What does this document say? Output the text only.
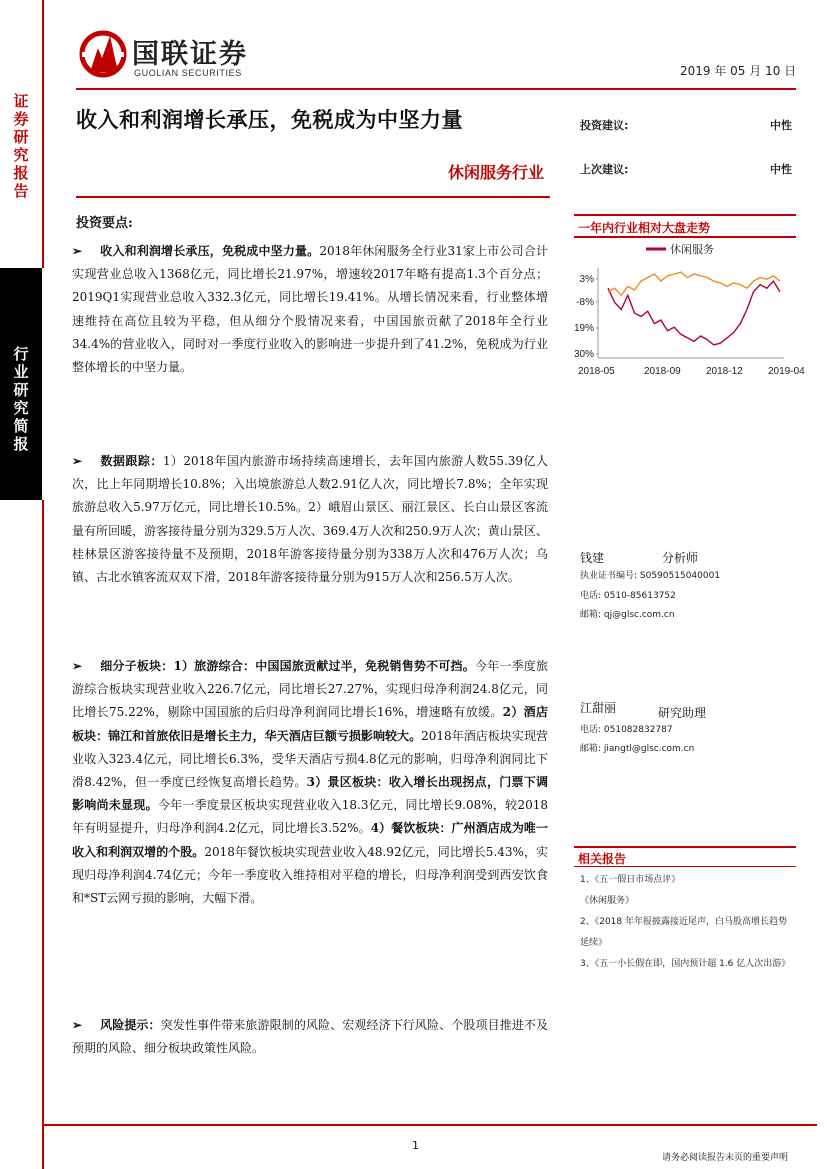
证券研究报告
行业研究简报
国联证券
GUOLIAN SECURITIES	2019 年 05 月 10 日
收入和利润增长承压，免税成为中坚力量
休闲服务行业
投资建议:	中性
上次建议:	中性
投资要点:
➢ 收入和利润增长承压，免税成中坚力量。2018年休闲服务全行业31家上市公司合计实现营业总收入1368亿元，同比增长21.97%，增速较2017年略有提高1.3个百分点；2019Q1实现营业总收入332.3亿元，同比增长19.41%。从增长情况来看，行业整体增速维持在高位且较为平稳，但从细分个股情况来看，中国国旅贡献了2018年全行业34.4%的营业收入，同时对一季度行业收入的影响进一步提升到了41.2%，免税成为行业整体增长的中坚力量。
➢ 数据跟踪：1）2018年国内旅游市场持续高速增长，去年国内旅游人数55.39亿人次，比上年同期增长10.8%；入出境旅游总人数2.91亿人次，同比增长7.8%；全年实现旅游总收入5.97万亿元，同比增长10.5%。2）峨眉山景区、丽江景区、长白山景区客流量有所回暖，游客接待量分别为329.5万人次、369.4万人次和250.9万人次；黄山景区、桂林景区游客接待量不及预期，2018年游客接待量分别为338万人次和476万人次；乌镇、古北水镇客流双双下滑，2018年游客接待量分别为915万人次和256.5万人次。
➢ 细分子板块：1）旅游综合：中国国旅贡献过半，免税销售势不可挡。今年一季度旅游综合板块实现营业收入226.7亿元，同比增长27.27%，实现归母净利润24.8亿元，同比增长75.22%，剔除中国国旅的后归母净利润同比增长16%，增速略有放缓。2）酒店板块：锦江和首旅依旧是增长主力，华天酒店巨额亏损影响较大。2018年酒店板块实现营业收入323.4亿元，同比增长6.3%，受华天酒店亏损4.8亿元的影响，归母净利润同比下滑8.42%，但一季度已经恢复高增长趋势。3）景区板块：收入增长出现拐点，门票下调影响尚未显现。今年一季度景区板块实现营业收入18.3亿元，同比增长9.08%，较2018年有明显提升，归母净利润4.2亿元，同比增长3.52%。4）餐饮板块：广州酒店成为唯一收入和利润双增的个股。2018年餐饮板块实现营业收入48.92亿元，同比增长5.43%，实现归母净利润4.74亿元；今年一季度收入维持相对平稳的增长，归母净利润受到西安饮食和*ST云网亏损的影响，大幅下滑。
➢ 风险提示：突发性事件带来旅游限制的风险、宏观经济下行风险、个股项目推进不及预期的风险、细分板块政策性风险。
一年内行业相对大盘走势
3%
-8%
19%
30%
2018-05	2018-09	2018-12	2019-04
休闲服务
钱建	分析师
执业证书编号: S0590515040001
电话: 0510-85613752
邮箱: qj@glsc.com.cn
江甜丽	研究助理
电话: 051082832787
邮箱: jiangtl@glsc.com.cn
相关报告
1、《五一假日市场点评》
《休闲服务》
2、《2018 年年报披露接近尾声，白马股高增长趋势延续》
3、《五一小长假在即，国内预计超 1.6 亿人次出游》
1
请务必阅读报告末页的重要声明
